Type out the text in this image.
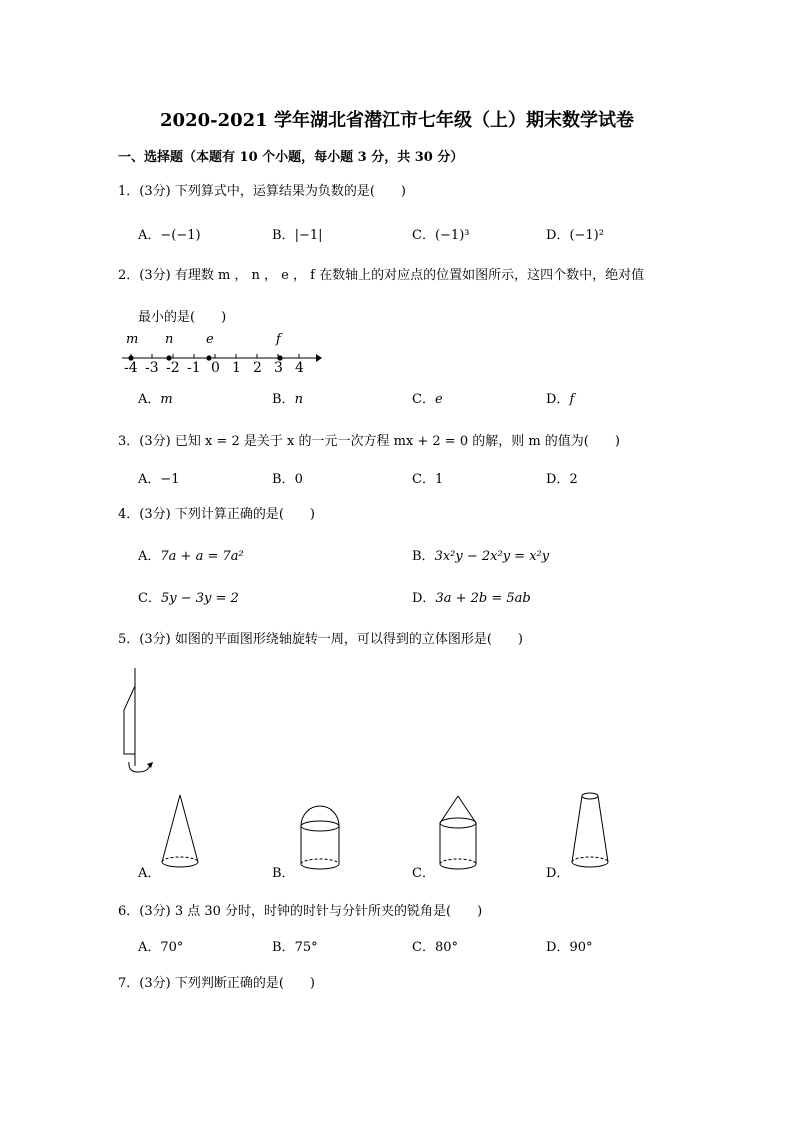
2020-2021 学年湖北省潜江市七年级（上）期末数学试卷
一、选择题（本题有 10 个小题，每小题 3 分，共 30 分）
1．(3分) 下列算式中，运算结果为负数的是(　　)
A．−(−1)	B．|−1|	C．(−1)³	D．(−1)²
2．(3分) 有理数 m ， n ， e ， f 在数轴上的对应点的位置如图所示，这四个数中，绝对值
最小的是(　　)
m n	e	f
-4 -3 -2 -1 0 1 2 3 4
A．m	B．n	C．e	D．f
3．(3分) 已知 x = 2 是关于 x 的一元一次方程 mx + 2 = 0 的解，则 m 的值为(　　)
A．−1	B．0	C．1	D．2
4．(3分) 下列计算正确的是(　　)
A．7a + a = 7a²	B．3x²y − 2x²y = x²y
C．5y − 3y = 2	D．3a + 2b = 5ab
5．(3分) 如图的平面图形绕轴旋转一周，可以得到的立体图形是(　　)
A．	B．	C．	D．
6．(3分) 3 点 30 分时，时钟的时针与分针所夹的锐角是(　　)
A．70°	B．75°	C．80°	D．90°
7．(3分) 下列判断正确的是(　　)
